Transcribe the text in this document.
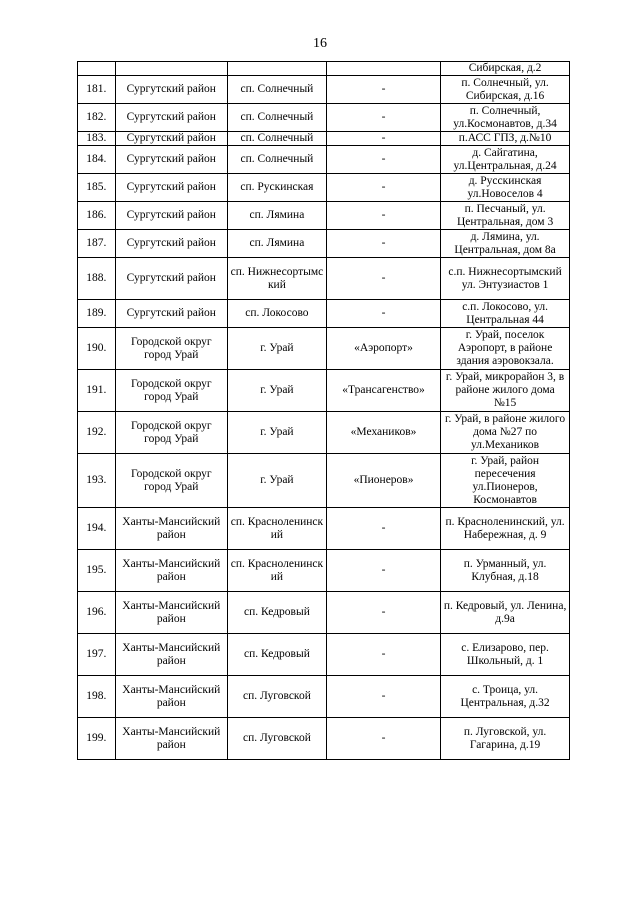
16
				Сибирская, д.2
181.	Сургутский район	сп. Солнечный	-	п. Солнечный, ул. Сибирская, д.16
182.	Сургутский район	сп. Солнечный	-	п. Солнечный, ул.Космонавтов, д.34
183.	Сургутский район	сп. Солнечный	-	п.АСС ГПЗ, д.№10
184.	Сургутский район	сп. Солнечный	-	д. Сайгатина, ул.Центральная, д.24
185.	Сургутский район	сп. Рускинская	-	д. Русскинская ул.Новоселов 4
186.	Сургутский район	сп. Лямина	-	п. Песчаный, ул. Центральная, дом 3
187.	Сургутский район	сп. Лямина	-	д. Лямина, ул. Центральная, дом 8а
188.	Сургутский район	сп. Нижнесортымс кий	-	с.п. Нижнесортымский ул. Энтузиастов 1
189.	Сургутский район	сп. Локосово	-	с.п. Локосово, ул. Центральная 44
190.	Городской округ город Урай	г. Урай	«Аэропорт»	г. Урай, поселок Аэропорт, в районе здания аэровокзала.
191.	Городской округ город Урай	г. Урай	«Трансагенство»	г. Урай, микрорайон 3, в районе жилого дома №15
192.	Городской округ город Урай	г. Урай	«Механиков»	г. Урай, в районе жилого дома №27 по ул.Механиков
193.	Городской округ город Урай	г. Урай	«Пионеров»	г. Урай, район пересечения ул.Пионеров, Космонавтов
194.	Ханты-Мансийский район	сп. Красноленинск ий	-	п. Красноленинский, ул. Набережная, д. 9
195.	Ханты-Мансийский район	сп. Красноленинск ий	-	п. Урманный, ул. Клубная, д.18
196.	Ханты-Мансийский район	сп. Кедровый	-	п. Кедровый, ул. Ленина, д.9а
197.	Ханты-Мансийский район	сп. Кедровый	-	с. Елизарово, пер. Школьный, д. 1
198.	Ханты-Мансийский район	сп. Луговской	-	с. Троица, ул. Центральная, д.32
199.	Ханты-Мансийский район	сп. Луговской	-	п. Луговской, ул. Гагарина, д.19
